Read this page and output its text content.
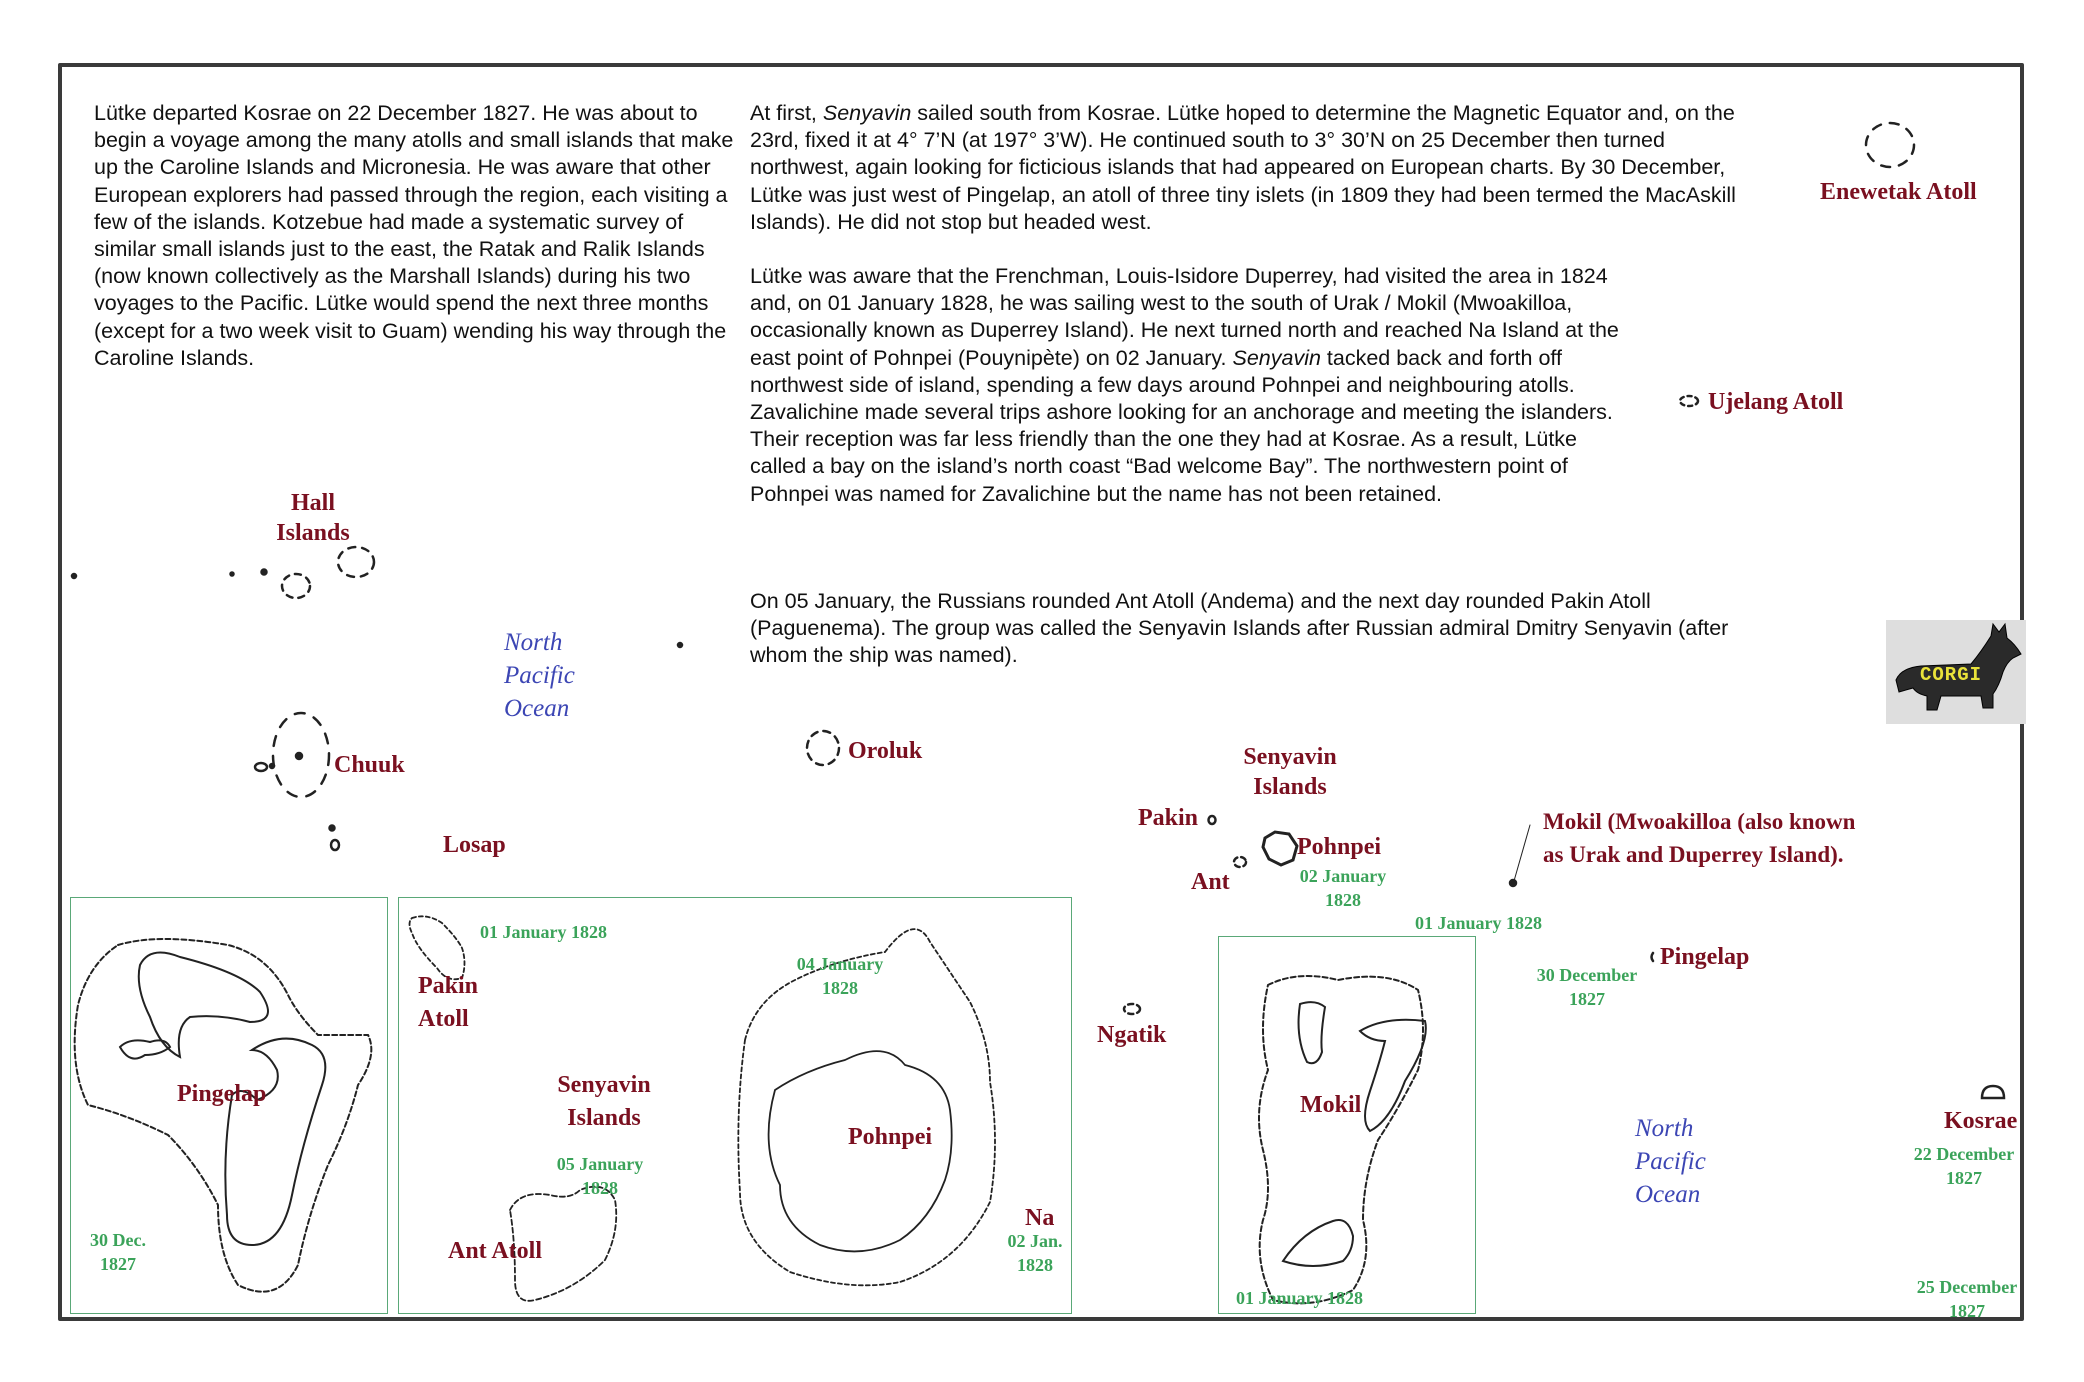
Lütke departed Kosrae on 22 December 1827. He was about to begin a voyage among the many atolls and small islands that make up the Caroline Islands and Micronesia. He was aware that other European explorers had passed through the region, each visiting a few of the islands. Kotzebue had made a systematic survey of similar small islands just to the east, the Ratak and Ralik Islands (now known collectively as the Marshall Islands) during his two voyages to the Pacific. Lütke would spend the next three months (except for a two week visit to Guam) wending his way through the Caroline Islands.

At first, Senyavin sailed south from Kosrae. Lütke hoped to determine the Magnetic Equator and, on the 23rd, fixed it at 4° 7’N (at 197° 3’W). He continued south to 3° 30’N on 25 December then turned northwest, again looking for ficticious islands that had appeared on European charts. By 30 December, Lütke was just west of Pingelap, an atoll of three tiny islets (in 1809 they had been termed the MacAskill Islands). He did not stop but headed west.

Lütke was aware that the Frenchman, Louis-Isidore Duperrey, had visited the area in 1824 and, on 01 January 1828, he was sailing west to the south of Urak / Mokil (Mwoakilloa, occasionally known as Duperrey Island). He next turned north and reached Na Island at the east point of Pohnpei (Pouynipète) on 02 January. Senyavin tacked back and forth off northwest side of island, spending a few days around Pohnpei and neighbouring atolls. Zavalichine made several trips ashore looking for an anchorage and meeting the islanders. Their reception was far less friendly than the one they had at Kosrae. As a result, Lütke called a bay on the island’s north coast “Bad welcome Bay”. The northwestern point of Pohnpei was named for Zavalichine but the name has not been retained.

On 05 January, the Russians rounded Ant Atoll (Andema) and the next day rounded Pakin Atoll (Paguenema). The group was called the Senyavin Islands after Russian admiral Dmitry Senyavin (after whom the ship was named).

Enewetak Atoll
Ujelang Atoll
CORGI
Hall
Islands
North
Pacific
Ocean
Chuuk
Losap
Oroluk	Senyavin
Islands
Pakin
Pohnpei
Ant	02 January
1828
01 January 1828
Mokil (Mwoakilloa (also known
as Urak and Duperrey Island).
Pingelap
30 December
1827
Ngatik
North
Pacific
Ocean
Kosrae
22 December
1827
25 December
1827
Pingelap
30 Dec.
1827
01 January 1828
Pakin
Atoll
Senyavin
Islands
05 January
1828
Ant Atoll
04 January
1828
Pohnpei
Na
02 Jan.
1828
Mokil
01 January 1828
